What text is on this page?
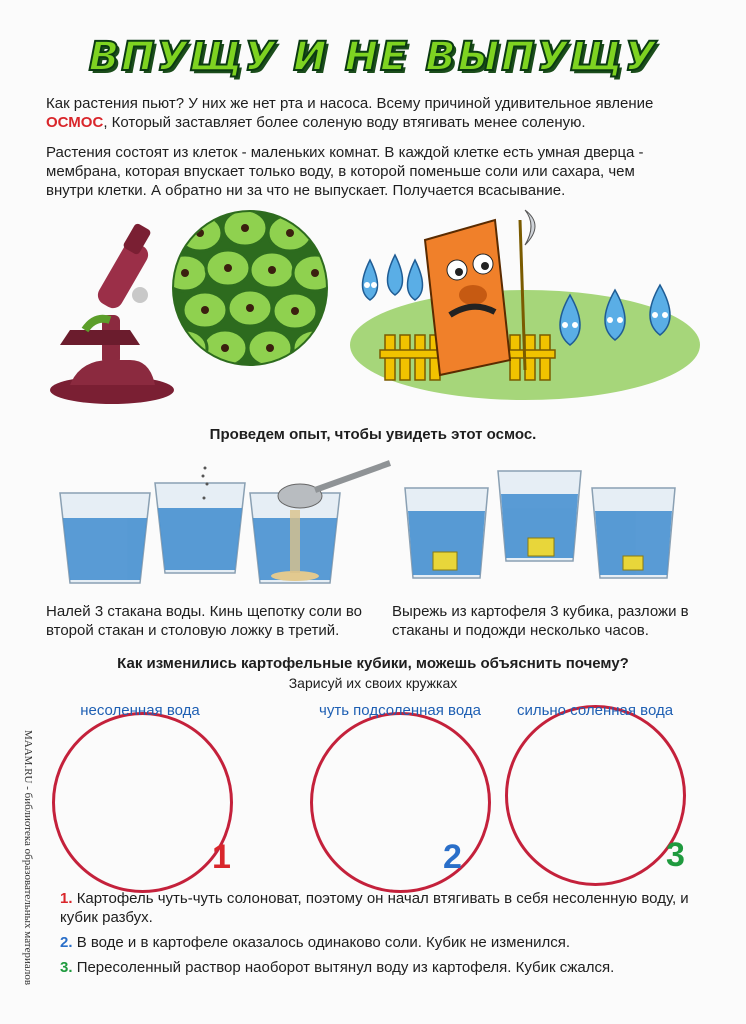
ВПУЩУ И НЕ ВЫПУЩУ
Как растения пьют? У них же нет рта и насоса. Всему причиной удивительное явление ОСМОС, Который заставляет более соленую воду втягивать менее соленую.
Растения состоят из клеток - маленьких комнат. В каждой клетке есть умная дверца - мембрана, которая впускает только воду, в которой поменьше соли или сахара, чем внутри клетки. А обратно ни за что не выпускает. Получается всасывание.
Проведем опыт, чтобы увидеть этот осмос.
Налей 3 стакана воды. Кинь щепотку соли во второй стакан и столовую ложку в третий.
Вырежь из картофеля 3 кубика, разложи в стаканы и подожди несколько часов.
Как изменились картофельные кубики, можешь объяснить почему?
Зарисуй их своих кружках
MAAM.RU - библиотека образовательных материалов
несоленная вода
1
чуть подсоленная вода
2
сильно соленная вода
3
1. Картофель чуть-чуть солоноват, поэтому он начал втягивать в себя несоленную воду, и кубик разбух.
2. В воде и в картофеле оказалось одинаково соли. Кубик не изменился.
3. Пересоленный раствор наоборот вытянул воду из картофеля. Кубик сжался.
